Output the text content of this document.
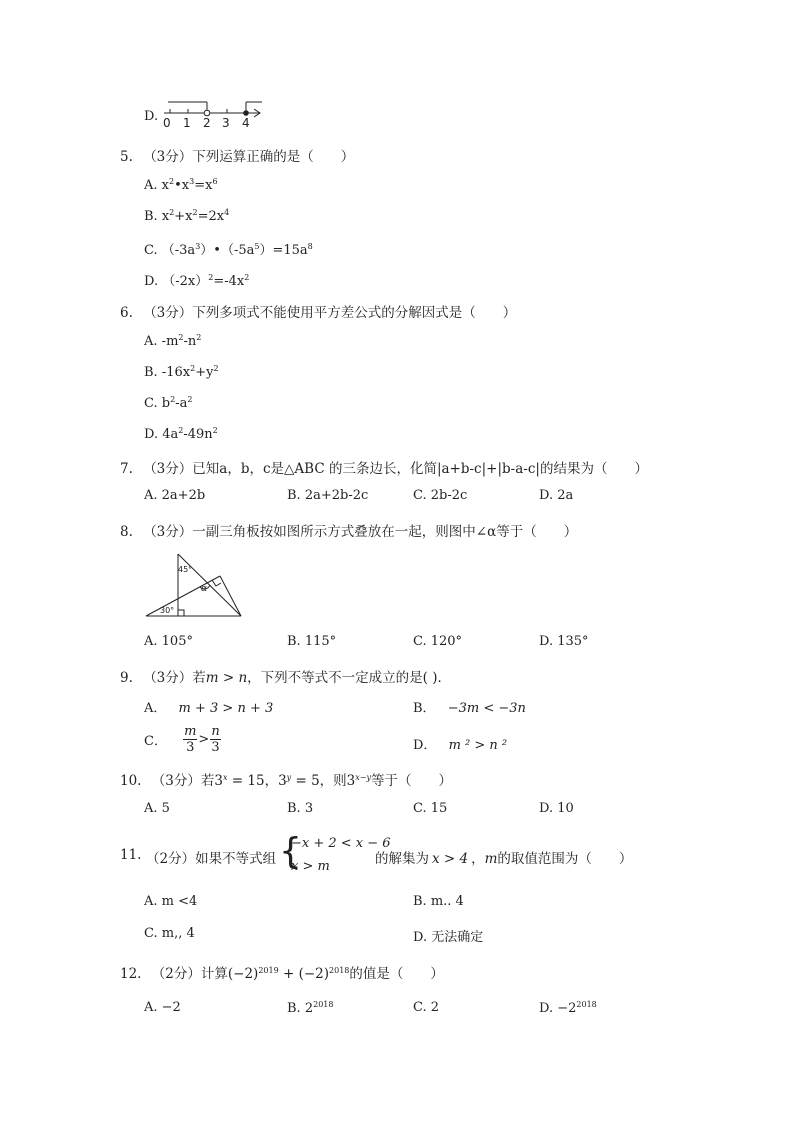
D. 0 1 2 3 4
5. （3分）下列运算正确的是（　　）
A. $x^2•x^3=x^6$
B. $x^2+x^2=2x^4$
C. $(-3a^3)•(-5a^5)=15a^8$
D. $(-2x)^2=-4x^2$
6. （3分）下列多项式不能使用平方差公式的分解因式是（　　）
A. $-m^2-n^2$
B. $-16x^2+y^2$
C. $b^2-a^2$
D. $4a^2-49n^2$
7. （3分）已知a，b，c是△ABC 的三条边长，化简|a+b-c|+|b-a-c|的结果为（　　）
A. 2a+2b	B. 2a+2b-2c	C. 2b-2c	D. 2a
8. （3分）一副三角板按如图所示方式叠放在一起，则图中∠α等于（　　）
45°
30°
α
A. 105°	B. 115°	C. 120°	D. 135°
9. （3分）若m > n，下列不等式不一定成立的是( )．
A． m + 3 > n + 3	B． −3m < −3n
C． $\frac{m}{3} > \frac{n}{3}$	D． m ² > n ²
10. （3分）若$3^x = 15$，$3^y = 5$，则$3^{x-y}$等于（　　）
A. 5	B. 3	C. 15	D. 10
11. （2分）如果不等式组 {
−x + 2 < x − 6
x > m	的解集为 x > 4 ，m的取值范围为（　　）
A. m <4	B. m.. 4
C. m,, 4	D. 无法确定
12. （2分）计算$(-2)^{2019} + (-2)^{2018}$的值是（　　）
A. −2	B. $2^{2018}$	C. 2	D. $-2^{2018}$
